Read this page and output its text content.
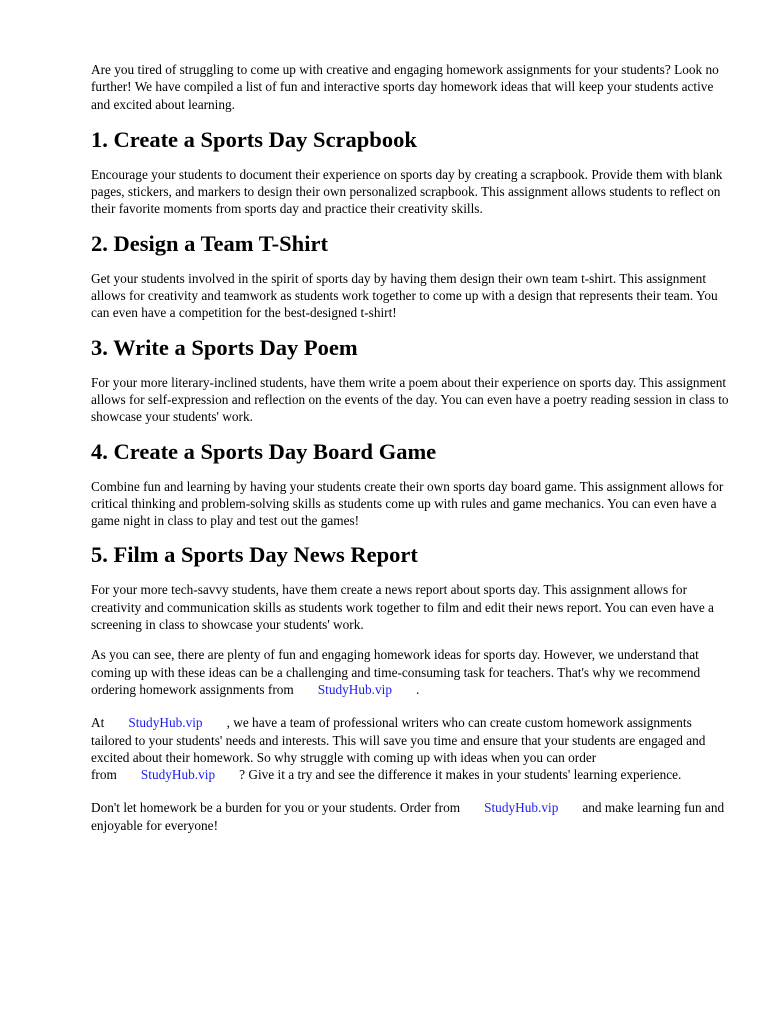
Are you tired of struggling to come up with creative and engaging homework assignments for your students? Look no further! We have compiled a list of fun and interactive sports day homework ideas that will keep your students active and excited about learning.

1. Create a Sports Day Scrapbook

Encourage your students to document their experience on sports day by creating a scrapbook. Provide them with blank pages, stickers, and markers to design their own personalized scrapbook. This assignment allows students to reflect on their favorite moments from sports day and practice their creativity skills.

2. Design a Team T-Shirt

Get your students involved in the spirit of sports day by having them design their own team t-shirt. This assignment allows for creativity and teamwork as students work together to come up with a design that represents their team. You can even have a competition for the best-designed t-shirt!

3. Write a Sports Day Poem

For your more literary-inclined students, have them write a poem about their experience on sports day. This assignment allows for self-expression and reflection on the events of the day. You can even have a poetry reading session in class to showcase your students' work.

4. Create a Sports Day Board Game

Combine fun and learning by having your students create their own sports day board game. This assignment allows for critical thinking and problem-solving skills as students come up with rules and game mechanics. You can even have a game night in class to play and test out the games!

5. Film a Sports Day News Report

For your more tech-savvy students, have them create a news report about sports day. This assignment allows for creativity and communication skills as students work together to film and edit their news report. You can even have a screening in class to showcase your students' work.

As you can see, there are plenty of fun and engaging homework ideas for sports day. However, we understand that coming up with these ideas can be a challenging and time-consuming task for teachers. That's why we recommend ordering homework assignments from StudyHub.vip .

At StudyHub.vip , we have a team of professional writers who can create custom homework assignments tailored to your students' needs and interests. This will save you time and ensure that your students are engaged and excited about their homework. So why struggle with coming up with ideas when you can order from StudyHub.vip ? Give it a try and see the difference it makes in your students' learning experience.

Don't let homework be a burden for you or your students. Order from StudyHub.vip and make learning fun and enjoyable for everyone!
